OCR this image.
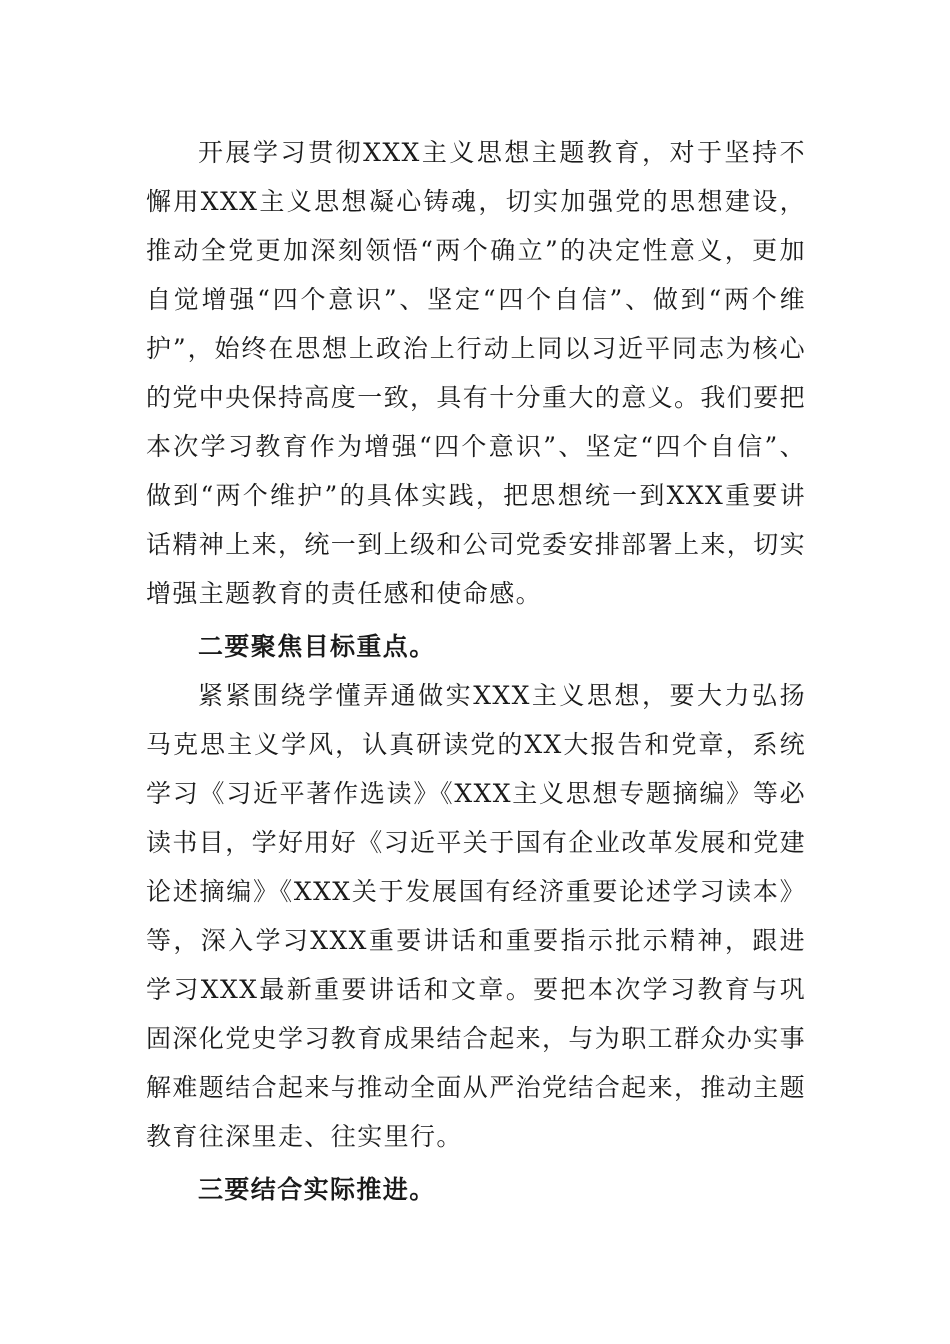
开展学习贯彻XXX主义思想主题教育，对于坚持不懈用XXX主义思想凝心铸魂，切实加强党的思想建设，推动全党更加深刻领悟“两个确立”的决定性意义，更加自觉增强“四个意识”、坚定“四个自信”、做到“两个维护”，始终在思想上政治上行动上同以习近平同志为核心的党中央保持高度一致，具有十分重大的意义。我们要把本次学习教育作为增强“四个意识”、坚定“四个自信”、做到“两个维护”的具体实践，把思想统一到XXX重要讲话精神上来，统一到上级和公司党委安排部署上来，切实增强主题教育的责任感和使命感。

二要聚焦目标重点。

紧紧围绕学懂弄通做实XXX主义思想，要大力弘扬马克思主义学风，认真研读党的XX大报告和党章，系统学习《习近平著作选读》《XXX主义思想专题摘编》等必读书目，学好用好《习近平关于国有企业改革发展和党建论述摘编》《XXX关于发展国有经济重要论述学习读本》等，深入学习XXX重要讲话和重要指示批示精神，跟进学习XXX最新重要讲话和文章。要把本次学习教育与巩固深化党史学习教育成果结合起来，与为职工群众办实事解难题结合起来与推动全面从严治党结合起来，推动主题教育往深里走、往实里行。

三要结合实际推进。
